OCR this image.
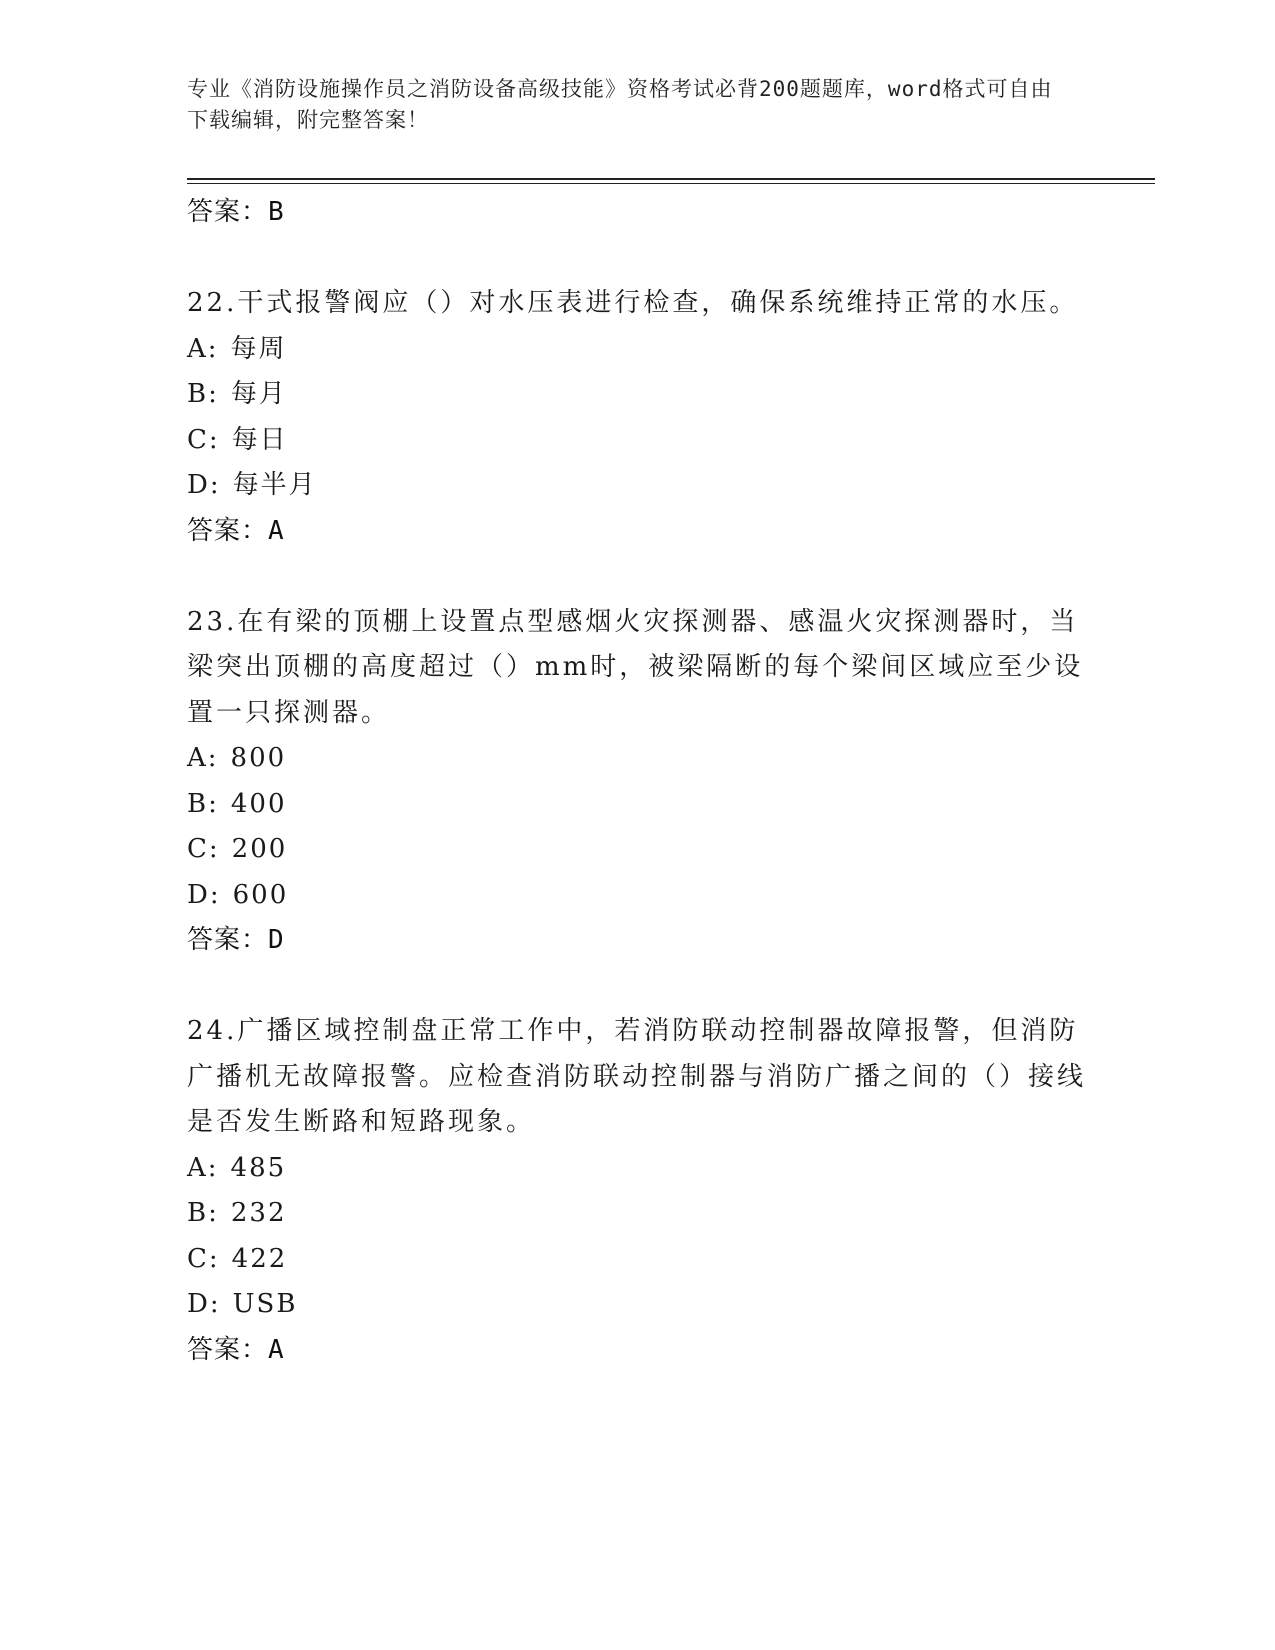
专业《消防设施操作员之消防设备高级技能》资格考试必背200题题库，word格式可自由下载编辑，附完整答案！
答案：B
22.干式报警阀应（）对水压表进行检查，确保系统维持正常的水压。
A: 每周
B: 每月
C: 每日
D: 每半月
答案：A
23.在有梁的顶棚上设置点型感烟火灾探测器、感温火灾探测器时，当梁突出顶棚的高度超过（）mm时，被梁隔断的每个梁间区域应至少设置一只探测器。
A: 800
B: 400
C: 200
D: 600
答案：D
24.广播区域控制盘正常工作中，若消防联动控制器故障报警，但消防广播机无故障报警。应检查消防联动控制器与消防广播之间的（）接线是否发生断路和短路现象。
A: 485
B: 232
C: 422
D: USB
答案：A
